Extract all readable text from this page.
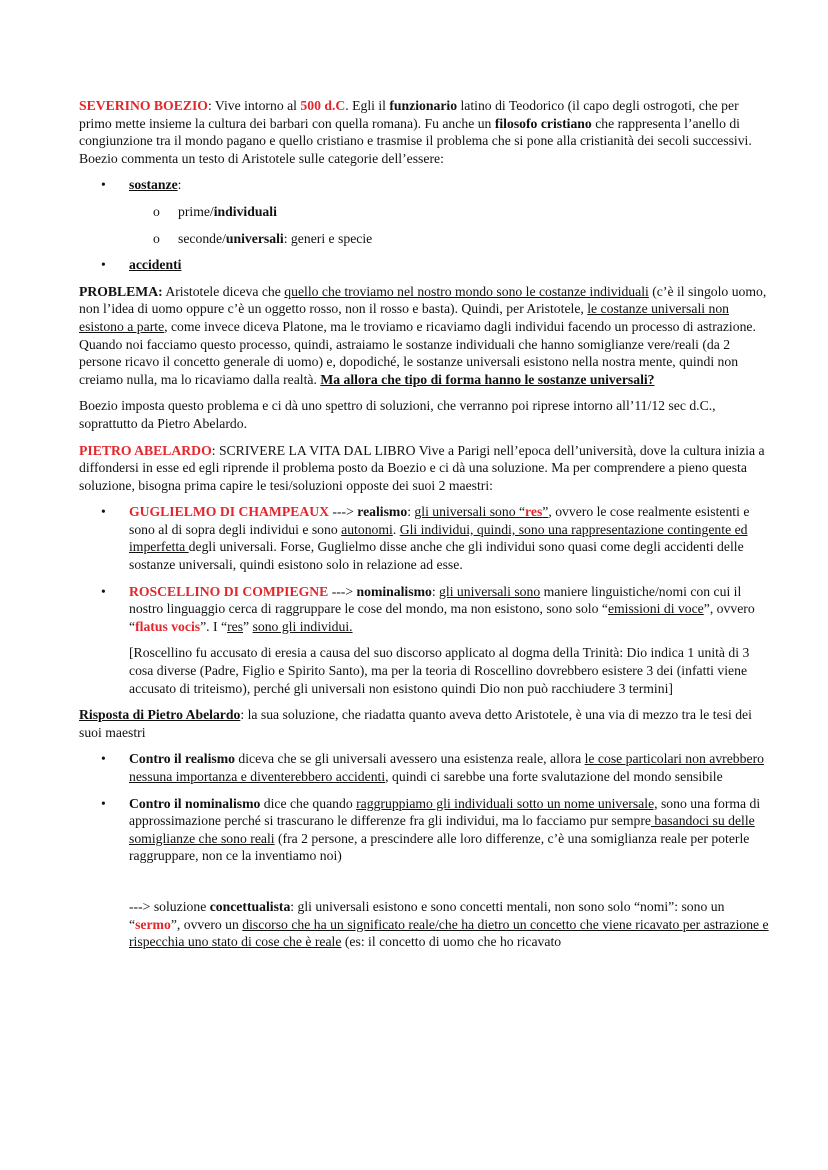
SEVERINO BOEZIO: Vive intorno al 500 d.C. Egli il funzionario latino di Teodorico (il capo degli ostrogoti, che per primo mette insieme la cultura dei barbari con quella romana). Fu anche un filosofo cristiano che rappresenta l’anello di congiunzione tra il mondo pagano e quello cristiano e trasmise il problema che si pone alla cristianità dei secoli successivi. Boezio commenta un testo di Aristotele sulle categorie dell’essere:

•	sostanze:
o	prime/individuali
o	seconde/universali: generi e specie
•	accidenti

PROBLEMA: Aristotele diceva che quello che troviamo nel nostro mondo sono le costanze individuali (c’è il singolo uomo, non l’idea di uomo oppure c’è un oggetto rosso, non il rosso e basta). Quindi, per Aristotele, le costanze universali non esistono a parte, come invece diceva Platone, ma le troviamo e ricaviamo dagli individui facendo un processo di astrazione. Quando noi facciamo questo processo, quindi, astraiamo le sostanze individuali che hanno somiglianze vere/reali (da 2 persone ricavo il concetto generale di uomo) e, dopodiché, le sostanze universali esistono nella nostra mente, quindi non creiamo nulla, ma lo ricaviamo dalla realtà. Ma allora che tipo di forma hanno le sostanze universali?

Boezio imposta questo problema e ci dà uno spettro di soluzioni, che verranno poi riprese intorno all’11/12 sec d.C., soprattutto da Pietro Abelardo.

PIETRO ABELARDO: SCRIVERE LA VITA DAL LIBRO Vive a Parigi nell’epoca dell’università, dove la cultura inizia a diffondersi in esse ed egli riprende il problema posto da Boezio e ci dà una soluzione. Ma per comprendere a pieno questa soluzione, bisogna prima capire le tesi/soluzioni opposte dei suoi 2 maestri:

•	GUGLIELMO DI CHAMPEAUX ---> realismo: gli universali sono “res”, ovvero le cose realmente esistenti e sono al di sopra degli individui e sono autonomi. Gli individui, quindi, sono una rappresentazione contingente ed imperfetta degli universali. Forse, Guglielmo disse anche che gli individui sono quasi come degli accidenti delle sostanze universali, quindi esistono solo in relazione ad esse.
•	ROSCELLINO DI COMPIEGNE ---> nominalismo: gli universali sono maniere linguistiche/nomi con cui il nostro linguaggio cerca di raggruppare le cose del mondo, ma non esistono, sono solo “emissioni di voce”, ovvero “flatus vocis”. I “res” sono gli individui.

[Roscellino fu accusato di eresia a causa del suo discorso applicato al dogma della Trinità: Dio indica 1 unità di 3 cosa diverse (Padre, Figlio e Spirito Santo), ma per la teoria di Roscellino dovrebbero esistere 3 dei (infatti viene accusato di triteismo), perché gli universali non esistono quindi Dio non può racchiudere 3 termini]

Risposta di Pietro Abelardo: la sua soluzione, che riadatta quanto aveva detto Aristotele, è una via di mezzo tra le tesi dei suoi maestri

•	Contro il realismo diceva che se gli universali avessero una esistenza reale, allora le cose particolari non avrebbero nessuna importanza e diventerebbero accidenti, quindi ci sarebbe una forte svalutazione del mondo sensibile
•	Contro il nominalismo dice che quando raggruppiamo gli individuali sotto un nome universale, sono una forma di approssimazione perché si trascurano le differenze fra gli individui, ma lo facciamo pur sempre basandoci su delle somiglianze che sono reali (fra 2 persone, a prescindere alle loro differenze, c’è una somiglianza reale per poterle raggruppare, non ce la inventiamo noi)

---> soluzione concettualista: gli universali esistono e sono concetti mentali, non sono solo “nomi”: sono un “sermo”, ovvero un discorso che ha un significato reale/che ha dietro un concetto che viene ricavato per astrazione e rispecchia uno stato di cose che è reale (es: il concetto di uomo che ho ricavato
